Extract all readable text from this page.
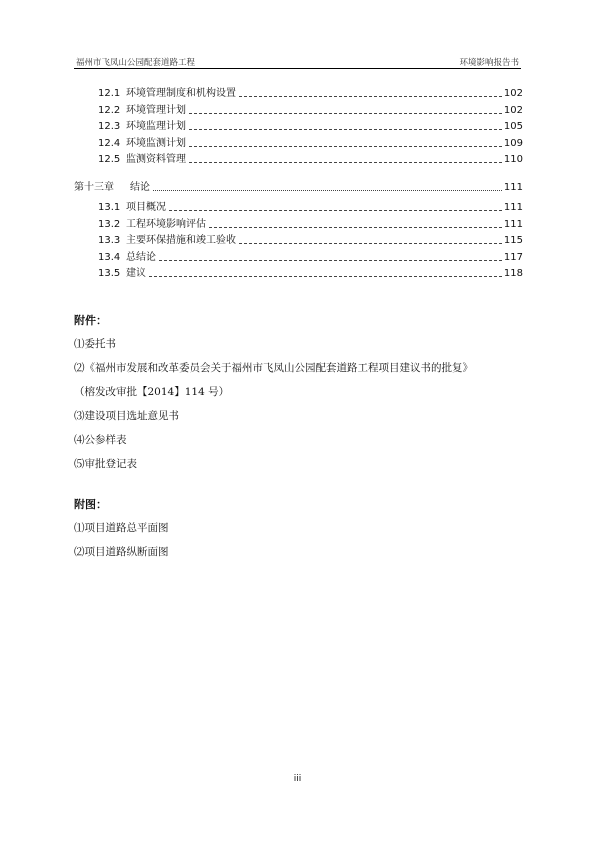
福州市飞凤山公园配套道路工程	环境影响报告书
12.1 环境管理制度和机构设置	102
12.2 环境管理计划	102
12.3 环境监理计划	105
12.4 环境监测计划	109
12.5 监测资料管理	110
第十三章 结论	111
13.1 项目概况	111
13.2 工程环境影响评估	111
13.3 主要环保措施和竣工验收	115
13.4 总结论	117
13.5 建议	118
附件：
⑴委托书
⑵《福州市发展和改革委员会关于福州市飞凤山公园配套道路工程项目建议书的批复》
（榕发改审批【2014】114 号）
⑶建设项目选址意见书
⑷公参样表
⑸审批登记表
附图：
⑴项目道路总平面图
⑵项目道路纵断面图
iii
